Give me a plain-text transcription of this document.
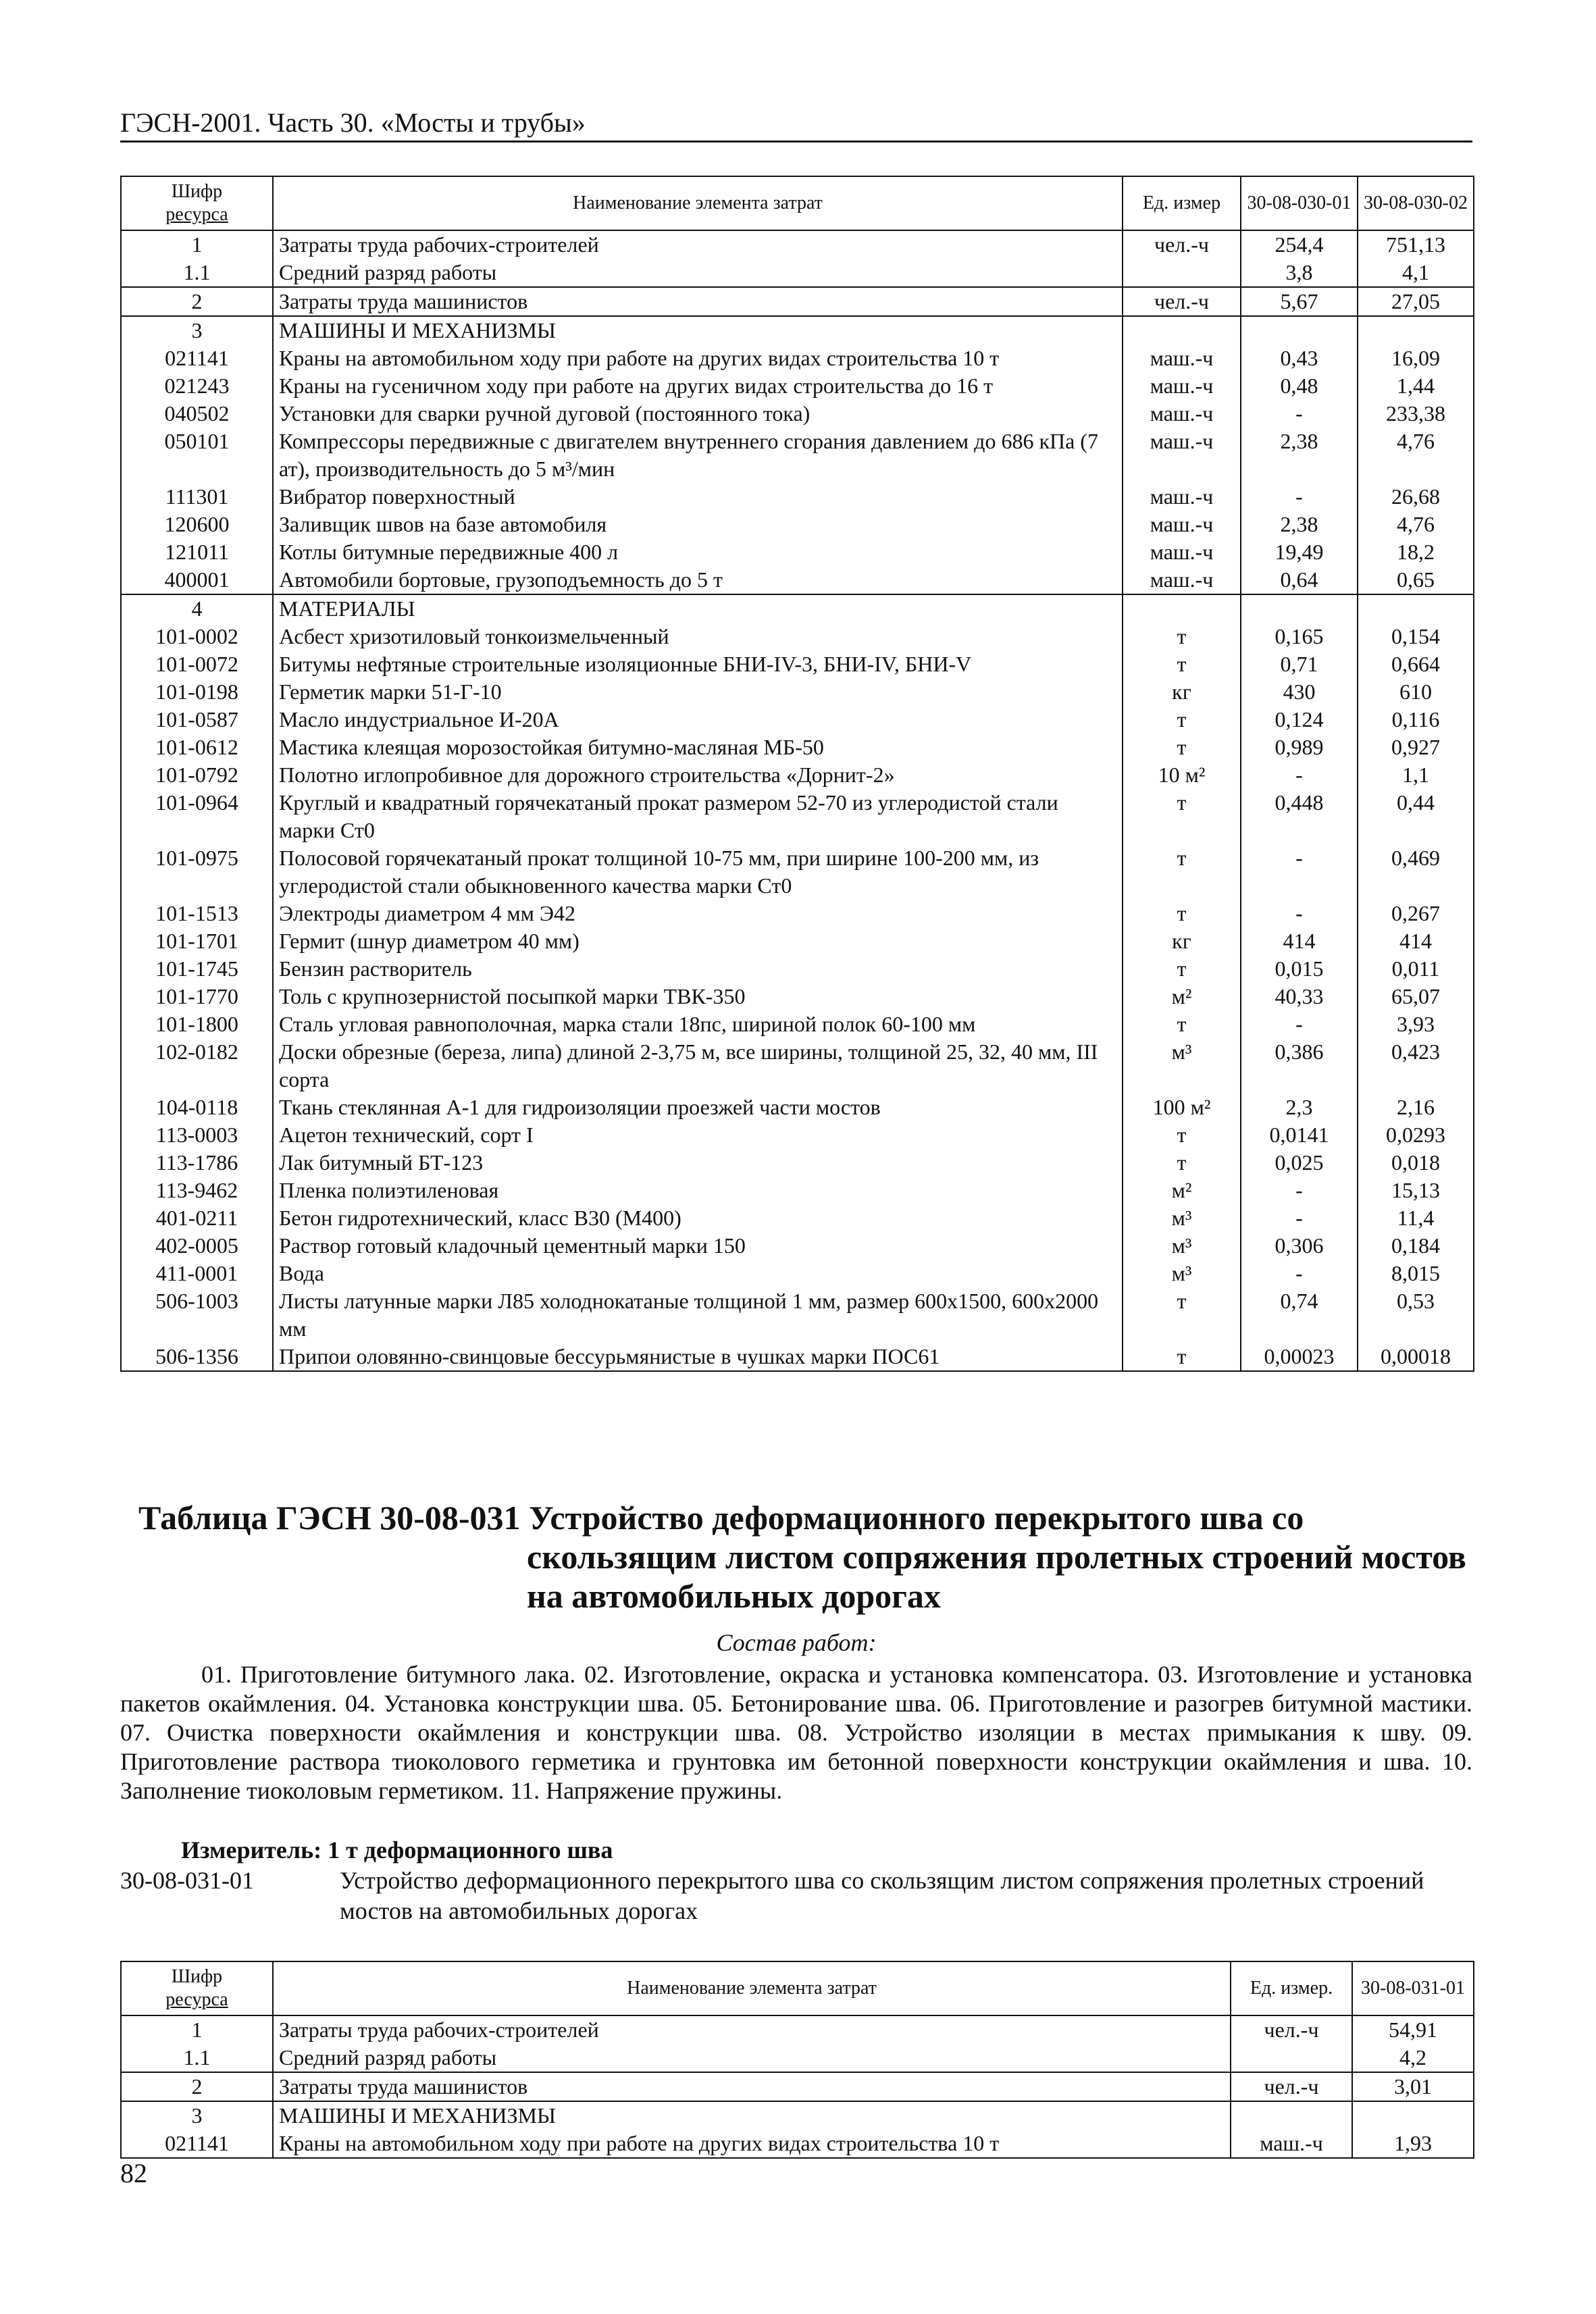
ГЭСН-2001. Часть 30. «Мосты и трубы»
Шифр
ресурса	Наименование элемента затрат	Ед. измер	30-08-030-01	30-08-030-02
1	Затраты труда рабочих-строителей	чел.-ч	254,4	751,13
1.1	Средний разряд работы		3,8	4,1
2	Затраты труда машинистов	чел.-ч	5,67	27,05
3	МАШИНЫ И МЕХАНИЗМЫ			
021141	Краны на автомобильном ходу при работе на других видах строительства 10 т	маш.-ч	0,43	16,09
021243	Краны на гусеничном ходу при работе на других видах строительства до 16 т	маш.-ч	0,48	1,44
040502	Установки для сварки ручной дуговой (постоянного тока)	маш.-ч	-	233,38
050101	Компрессоры передвижные с двигателем внутреннего сгорания давлением до 686 кПа (7 ат), производительность до 5 м³/мин	маш.-ч	2,38	4,76
111301	Вибратор поверхностный	маш.-ч	-	26,68
120600	Заливщик швов на базе автомобиля	маш.-ч	2,38	4,76
121011	Котлы битумные передвижные 400 л	маш.-ч	19,49	18,2
400001	Автомобили бортовые, грузоподъемность до 5 т	маш.-ч	0,64	0,65
4	МАТЕРИАЛЫ			
101-0002	Асбест хризотиловый тонкоизмельченный	т	0,165	0,154
101-0072	Битумы нефтяные строительные изоляционные БНИ-IV-3, БНИ-IV, БНИ-V	т	0,71	0,664
101-0198	Герметик марки 51-Г-10	кг	430	610
101-0587	Масло индустриальное И-20А	т	0,124	0,116
101-0612	Мастика клеящая морозостойкая битумно-масляная МБ-50	т	0,989	0,927
101-0792	Полотно иглопробивное для дорожного строительства «Дорнит-2»	10 м²	-	1,1
101-0964	Круглый и квадратный горячекатаный прокат размером 52-70 из углеродистой стали марки Ст0	т	0,448	0,44
101-0975	Полосовой горячекатаный прокат толщиной 10-75 мм, при ширине 100-200 мм, из углеродистой стали обыкновенного качества марки Ст0	т	-	0,469
101-1513	Электроды диаметром 4 мм Э42	т	-	0,267
101-1701	Гермит (шнур диаметром 40 мм)	кг	414	414
101-1745	Бензин растворитель	т	0,015	0,011
101-1770	Толь с крупнозернистой посыпкой марки ТВК-350	м²	40,33	65,07
101-1800	Сталь угловая равнополочная, марка стали 18пс, шириной полок 60-100 мм	т	-	3,93
102-0182	Доски обрезные (береза, липа) длиной 2-3,75 м, все ширины, толщиной 25, 32, 40 мм, III сорта	м³	0,386	0,423
104-0118	Ткань стеклянная А-1 для гидроизоляции проезжей части мостов	100 м²	2,3	2,16
113-0003	Ацетон технический, сорт I	т	0,0141	0,0293
113-1786	Лак битумный БТ-123	т	0,025	0,018
113-9462	Пленка полиэтиленовая	м²	-	15,13
401-0211	Бетон гидротехнический, класс В30 (М400)	м³	-	11,4
402-0005	Раствор готовый кладочный цементный марки 150	м³	0,306	0,184
411-0001	Вода	м³	-	8,015
506-1003	Листы латунные марки Л85 холоднокатаные толщиной 1 мм, размер 600х1500, 600х2000 мм	т	0,74	0,53
506-1356	Припои оловянно-свинцовые бессурьмянистые в чушках марки ПОС61	т	0,00023	0,00018
Таблица ГЭСН 30-08-031 Устройство деформационного перекрытого шва со
скользящим листом сопряжения пролетных строений мостов
на автомобильных дорогах
Состав работ:

01. Приготовление битумного лака. 02. Изготовление, окраска и установка компенсатора. 03. Изготовление и установка пакетов окаймления. 04. Установка конструкции шва. 05. Бетонирование шва. 06. Приготовление и разогрев битумной мастики. 07. Очистка поверхности окаймления и конструкции шва. 08. Устройство изоляции в местах примыкания к шву. 09. Приготовление раствора тиоколового герметика и грунтовка им бетонной поверхности конструкции окаймления и шва. 10. Заполнение тиоколовым герметиком. 11. Напряжение пружины.

Измеритель: 1 т деформационного шва
30-08-031-01	Устройство деформационного перекрытого шва со скользящим листом сопряжения пролетных строений мостов на автомобильных дорогах
Шифр
ресурса	Наименование элемента затрат	Ед. измер.	30-08-031-01
1	Затраты труда рабочих-строителей	чел.-ч	54,91
1.1	Средний разряд работы		4,2
2	Затраты труда машинистов	чел.-ч	3,01
3	МАШИНЫ И МЕХАНИЗМЫ		
021141	Краны на автомобильном ходу при работе на других видах строительства 10 т	маш.-ч	1,93
82
